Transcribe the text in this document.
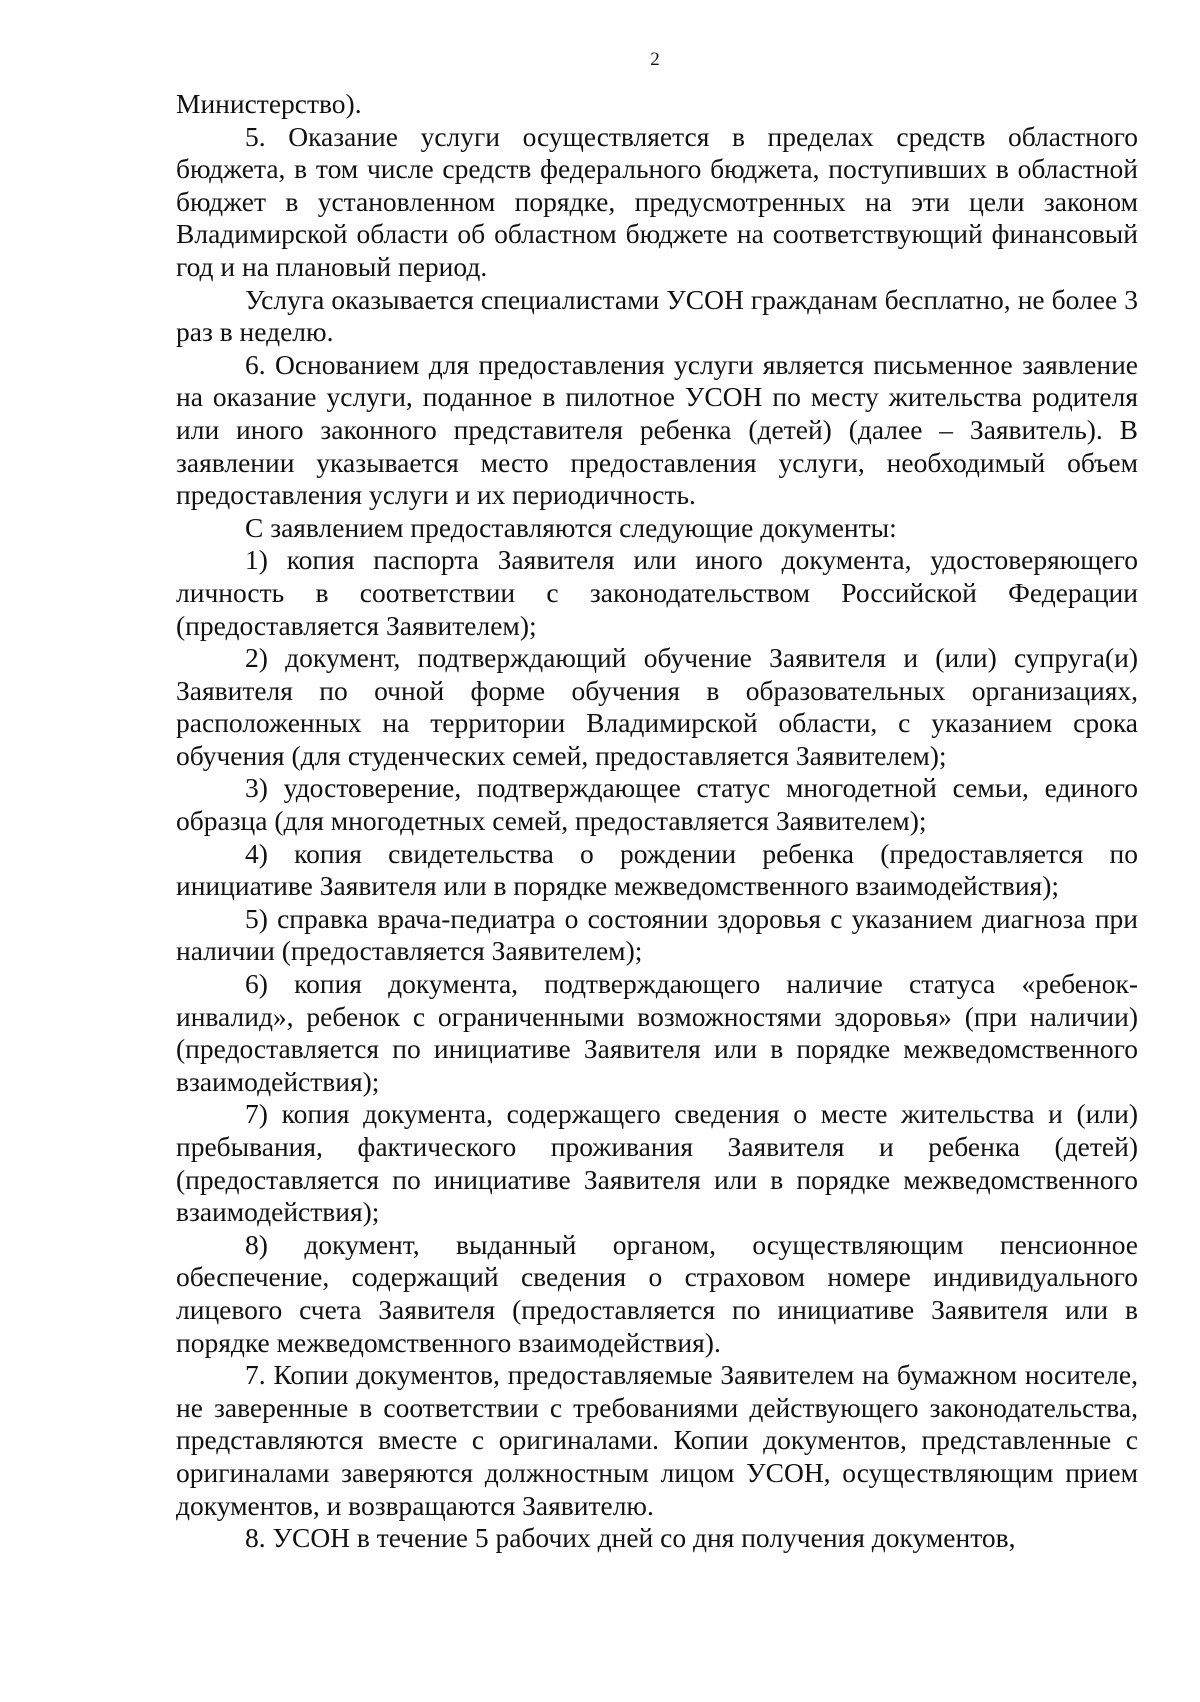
2

Министерство).

5. Оказание услуги осуществляется в пределах средств областного бюджета, в том числе средств федерального бюджета, поступивших в областной бюджет в установленном порядке, предусмотренных на эти цели законом Владимирской области об областном бюджете на соответствующий финансовый год и на плановый период.

Услуга оказывается специалистами УСОН гражданам бесплатно, не более 3 раз в неделю.

6. Основанием для предоставления услуги является письменное заявление на оказание услуги, поданное в пилотное УСОН по месту жительства родителя или иного законного представителя ребенка (детей) (далее – Заявитель). В заявлении указывается место предоставления услуги, необходимый объем предоставления услуги и их периодичность.

С заявлением предоставляются следующие документы:

1) копия паспорта Заявителя или иного документа, удостоверяющего личность в соответствии с законодательством Российской Федерации (предоставляется Заявителем);

2) документ, подтверждающий обучение Заявителя и (или) супруга(и) Заявителя по очной форме обучения в образовательных организациях, расположенных на территории Владимирской области, с указанием срока обучения (для студенческих семей, предоставляется Заявителем);

3) удостоверение, подтверждающее статус многодетной семьи, единого образца (для многодетных семей, предоставляется Заявителем);

4) копия свидетельства о рождении ребенка (предоставляется по инициативе Заявителя или в порядке межведомственного взаимодействия);

5) справка врача-педиатра о состоянии здоровья с указанием диагноза при наличии (предоставляется Заявителем);

6) копия документа, подтверждающего наличие статуса «ребенок-инвалид», ребенок с ограниченными возможностями здоровья» (при наличии) (предоставляется по инициативе Заявителя или в порядке межведомственного взаимодействия);

7) копия документа, содержащего сведения о месте жительства и (или) пребывания, фактического проживания Заявителя и ребенка (детей) (предоставляется по инициативе Заявителя или в порядке межведомственного взаимодействия);

8) документ, выданный органом, осуществляющим пенсионное обеспечение, содержащий сведения о страховом номере индивидуального лицевого счета Заявителя (предоставляется по инициативе Заявителя или в порядке межведомственного взаимодействия).

7. Копии документов, предоставляемые Заявителем на бумажном носителе, не заверенные в соответствии с требованиями действующего законодательства, представляются вместе с оригиналами. Копии документов, представленные с оригиналами заверяются должностным лицом УСОН, осуществляющим прием документов, и возвращаются Заявителю.

8. УСОН в течение 5 рабочих дней со дня получения документов,
